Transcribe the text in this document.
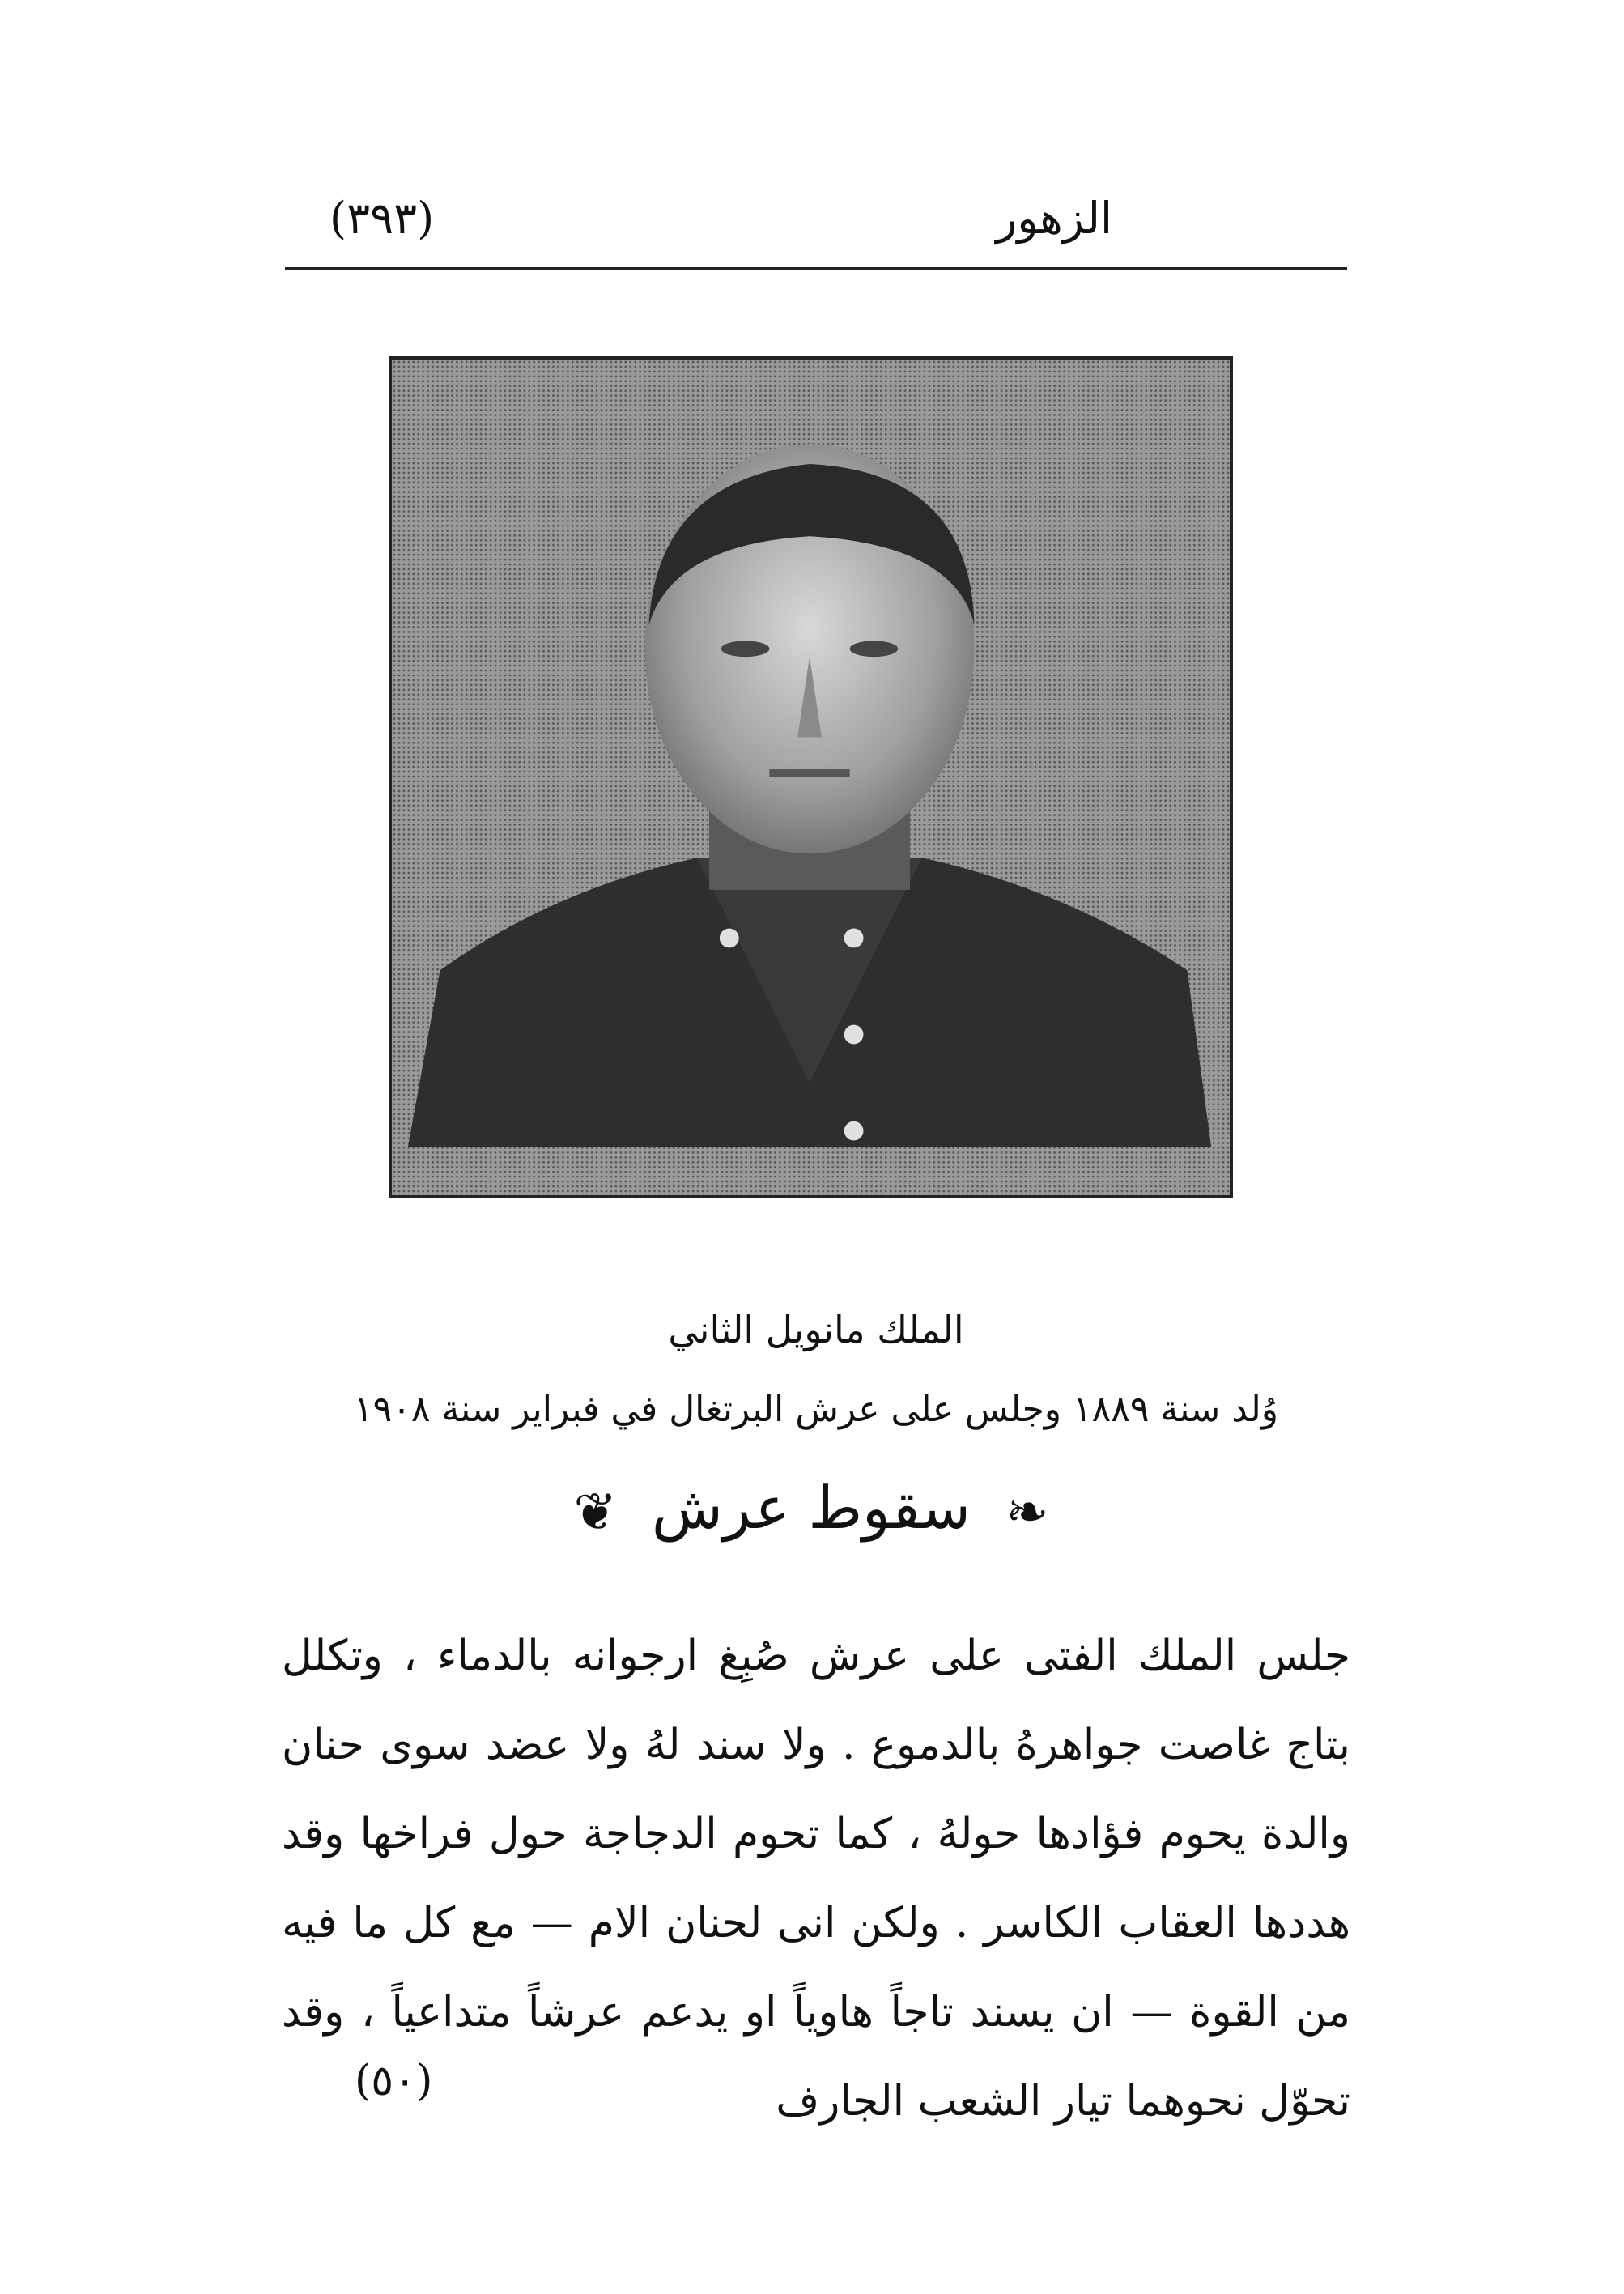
الزهور
(٣٩٣)
الملك مانويل الثاني
وُلد سنة ١٨٨٩ وجلس على عرش البرتغال في فبراير سنة ١٩٠٨
❧ سقوط عرش ❦

جلس الملك الفتى على عرش صُبِغ ارجوانه بالدماء ، وتكلل بتاج غاصت جواهرهُ بالدموع . ولا سند لهُ ولا عضد سوى حنان والدة يحوم فؤادها حولهُ ، كما تحوم الدجاجة حول فراخها وقد هددها العقاب الكاسر . ولكن انى لحنان الام — مع كل ما فيه من القوة — ان يسند تاجاً هاوياً او يدعم عرشاً متداعياً ، وقد تحوّل نحوهما تيار الشعب الجارف

(٥٠)
